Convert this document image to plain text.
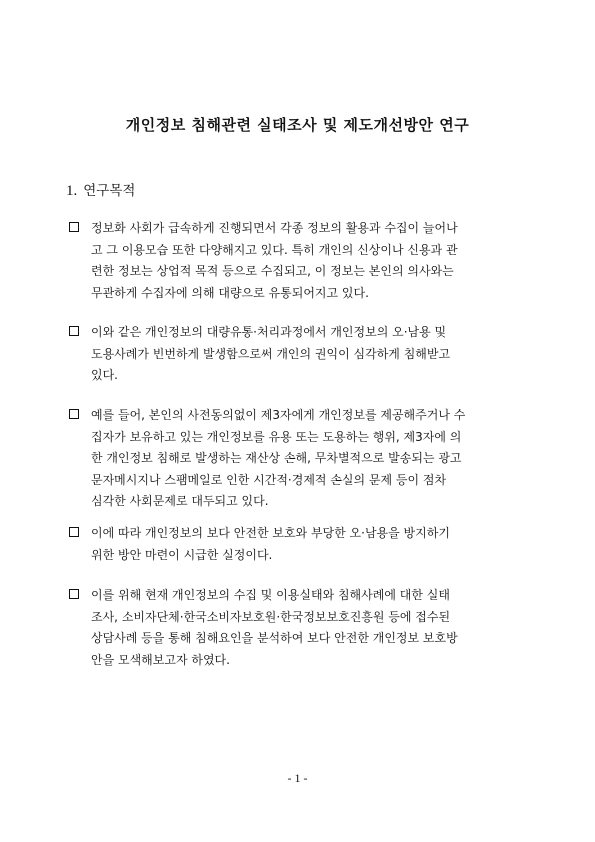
개인정보 침해관련 실태조사 및 제도개선방안 연구
1. 연구목적
정보화 사회가 급속하게 진행되면서 각종 정보의 활용과 수집이 늘어나
고 그 이용모습 또한 다양해지고 있다. 특히 개인의 신상이나 신용과 관
련한 정보는 상업적 목적 등으로 수집되고, 이 정보는 본인의 의사와는
무관하게 수집자에 의해 대량으로 유통되어지고 있다.
이와 같은 개인정보의 대량유통·처리과정에서 개인정보의 오·남용 및
도용사례가 빈번하게 발생함으로써 개인의 권익이 심각하게 침해받고
있다.
예를 들어, 본인의 사전동의없이 제3자에게 개인정보를 제공해주거나 수
집자가 보유하고 있는 개인정보를 유용 또는 도용하는 행위, 제3자에 의
한 개인정보 침해로 발생하는 재산상 손해, 무차별적으로 발송되는 광고
문자메시지나 스팸메일로 인한 시간적·경제적 손실의 문제 등이 점차
심각한 사회문제로 대두되고 있다.
이에 따라 개인정보의 보다 안전한 보호와 부당한 오·남용을 방지하기
위한 방안 마련이 시급한 실정이다.
이를 위해 현재 개인정보의 수집 및 이용실태와 침해사례에 대한 실태
조사, 소비자단체·한국소비자보호원·한국정보보호진흥원 등에 접수된
상담사례 등을 통해 침해요인을 분석하여 보다 안전한 개인정보 보호방
안을 모색해보고자 하였다.
- 1 -
